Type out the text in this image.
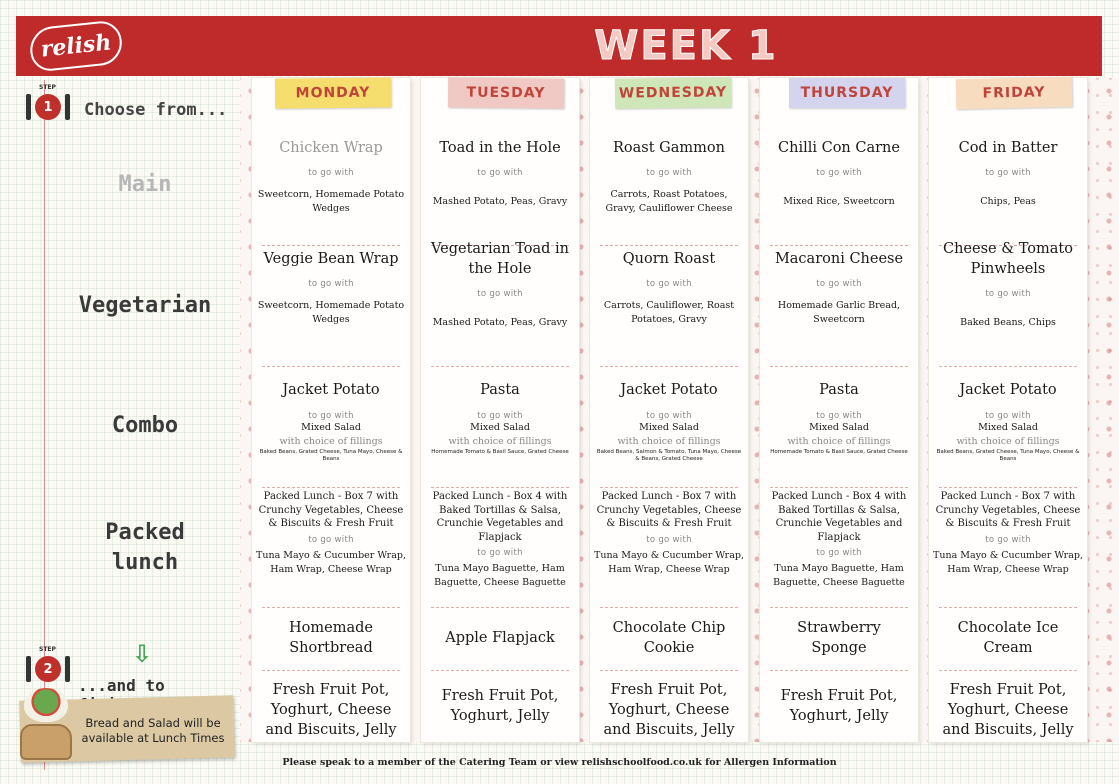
relish	WEEK 1
STEP
1 Choose from...
Main
Vegetarian
Combo
Packed
lunch
⇩
STEP
2
...and to
Bread and Salad will be available at Lunch Times
MONDAY
Chicken Wrap
to go with
Sweetcorn, Homemade Potato Wedges
Veggie Bean Wrap
to go with
Sweetcorn, Homemade Potato Wedges
Jacket Potato
to go with
Mixed Salad
with choice of fillings
Baked Beans, Grated Cheese, Tuna Mayo, Cheese & Beans
Packed Lunch - Box 7 with Crunchy Vegetables, Cheese & Biscuits & Fresh Fruit
to go with
Tuna Mayo & Cucumber Wrap, Ham Wrap, Cheese Wrap
Homemade Shortbread
Fresh Fruit Pot, Yoghurt, Cheese and Biscuits, Jelly
TUESDAY
Toad in the Hole
to go with
Mashed Potato, Peas, Gravy
Vegetarian Toad in the Hole
to go with
Mashed Potato, Peas, Gravy
Pasta
to go with
Mixed Salad
with choice of fillings
Homemade Tomato & Basil Sauce, Grated Cheese
Packed Lunch - Box 4 with Baked Tortillas & Salsa, Crunchie Vegetables and Flapjack
to go with
Tuna Mayo Baguette, Ham Baguette, Cheese Baguette
Apple Flapjack
Fresh Fruit Pot, Yoghurt, Jelly
WEDNESDAY
Roast Gammon
to go with
Carrots, Roast Potatoes, Gravy, Cauliflower Cheese
Quorn Roast
to go with
Carrots, Cauliflower, Roast Potatoes, Gravy
Jacket Potato
to go with
Mixed Salad
with choice of fillings
Baked Beans, Salmon & Tomato, Tuna Mayo, Cheese & Beans, Grated Cheese
Packed Lunch - Box 7 with Crunchy Vegetables, Cheese & Biscuits & Fresh Fruit
to go with
Tuna Mayo & Cucumber Wrap, Ham Wrap, Cheese Wrap
Chocolate Chip Cookie
Fresh Fruit Pot, Yoghurt, Cheese and Biscuits, Jelly
THURSDAY
Chilli Con Carne
to go with
Mixed Rice, Sweetcorn
Macaroni Cheese
to go with
Homemade Garlic Bread, Sweetcorn
Pasta
to go with
Mixed Salad
with choice of fillings
Homemade Tomato & Basil Sauce, Grated Cheese
Packed Lunch - Box 4 with Baked Tortillas & Salsa, Crunchie Vegetables and Flapjack
to go with
Tuna Mayo Baguette, Ham Baguette, Cheese Baguette
Strawberry Sponge
Fresh Fruit Pot, Yoghurt, Jelly
FRIDAY
Cod in Batter
to go with
Chips, Peas
Cheese & Tomato Pinwheels
to go with
Baked Beans, Chips
Jacket Potato
to go with
Mixed Salad
with choice of fillings
Baked Beans, Grated Cheese, Tuna Mayo, Cheese & Beans
Packed Lunch - Box 7 with Crunchy Vegetables, Cheese & Biscuits & Fresh Fruit
to go with
Tuna Mayo & Cucumber Wrap, Ham Wrap, Cheese Wrap
Chocolate Ice Cream
Fresh Fruit Pot, Yoghurt, Cheese and Biscuits, Jelly
Please speak to a member of the Catering Team or view relishschoolfood.co.uk for Allergen Information
